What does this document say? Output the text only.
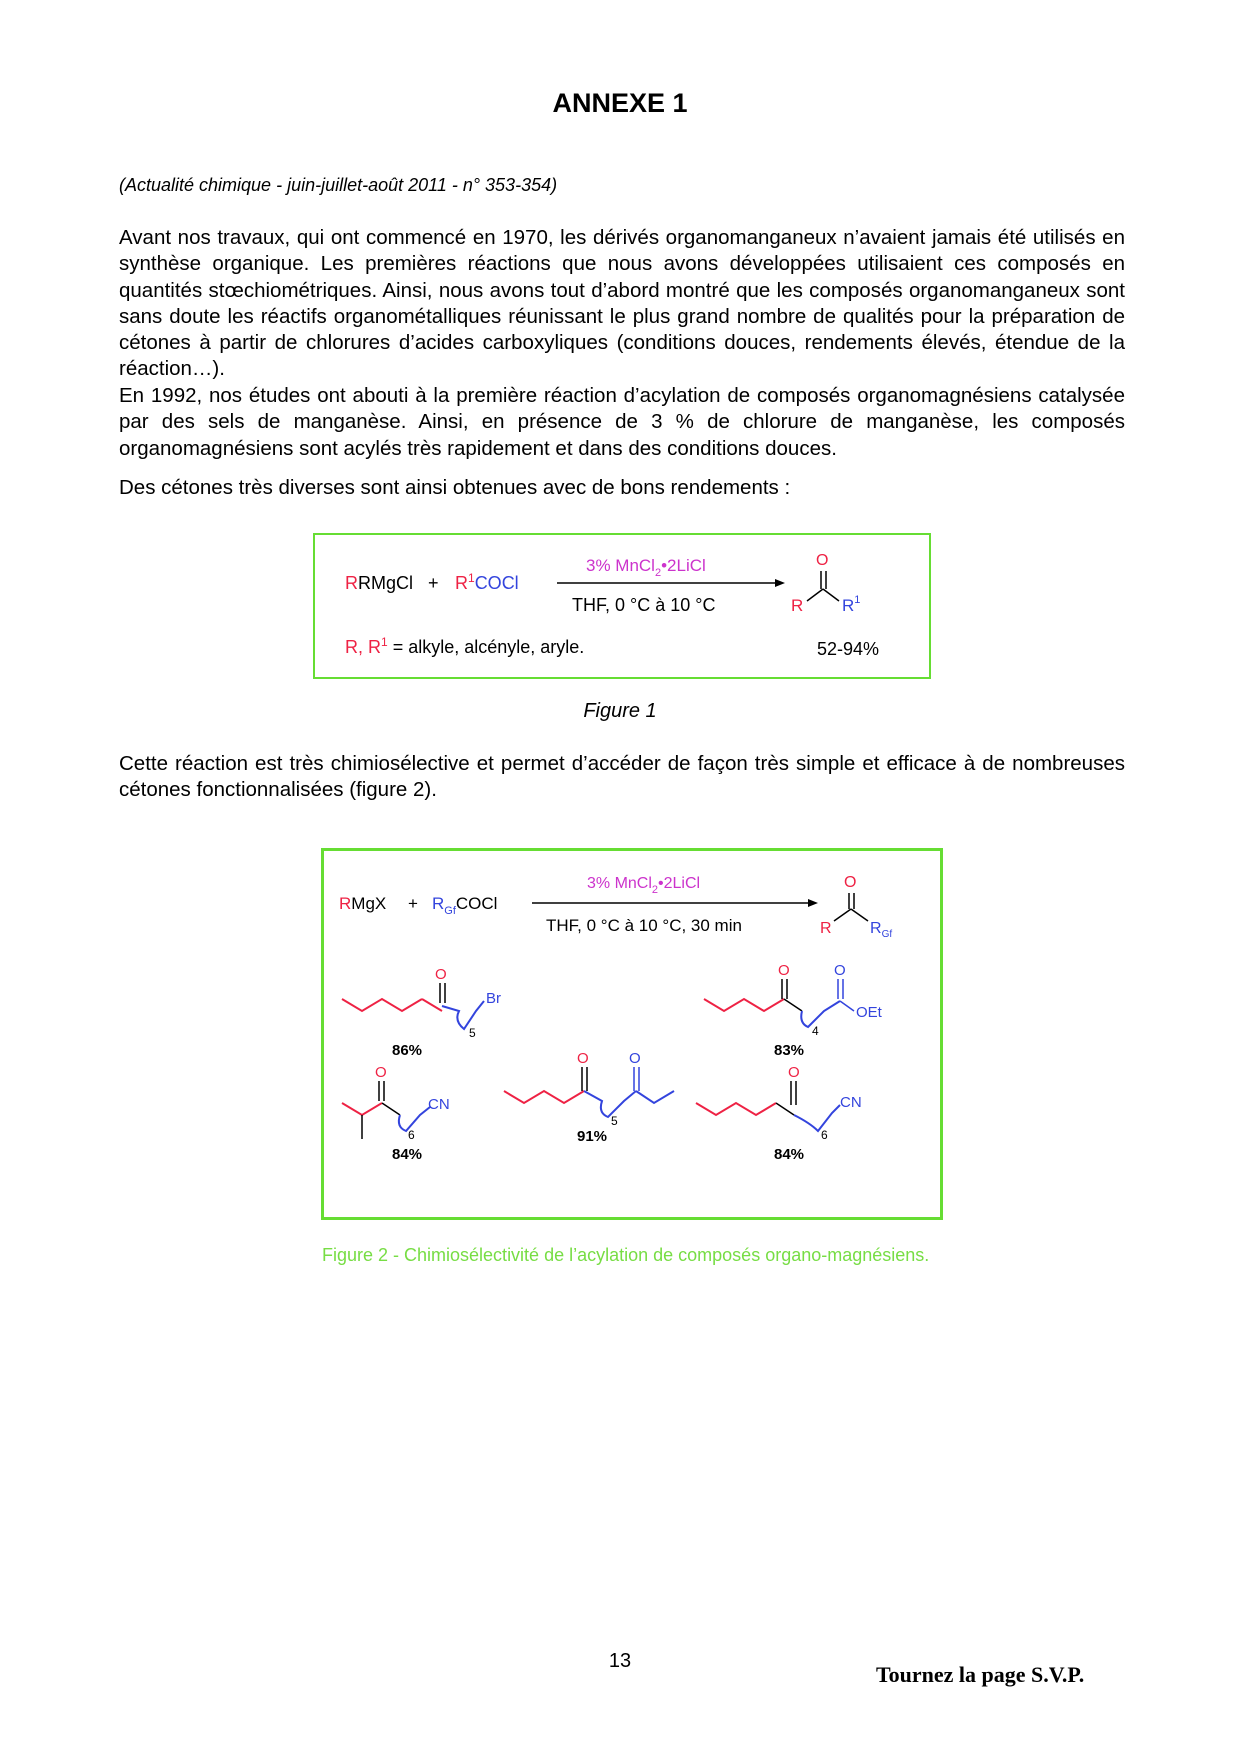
ANNEXE 1
(Actualité chimique - juin-juillet-août 2011 - n° 353-354)

Avant nos travaux, qui ont commencé en 1970, les dérivés organomanganeux n’avaient jamais été utilisés en synthèse organique. Les premières réactions que nous avons développées utilisaient ces composés en quantités stœchiométriques. Ainsi, nous avons tout d’abord montré que les composés organomanganeux sont sans doute les réactifs organométalliques réunissant le plus grand nombre de qualités pour la préparation de cétones à partir de chlorures d’acides carboxyliques (conditions douces, rendements élevés, étendue de la réaction…).

En 1992, nos études ont abouti à la première réaction d’acylation de composés organomagnésiens catalysée par des sels de manganèse. Ainsi, en présence de 3 % de chlorure de manganèse, les composés organomagnésiens sont acylés très rapidement et dans des conditions douces.

Des cétones très diverses sont ainsi obtenues avec de bons rendements :

RRMgCl + $R^1COCl$
3% MnCl$_2$•2LiCl
THF, 0 °C à 10 °C
O
R $R^1$
R, $R^1$ = alkyle, alcényle, aryle.	52-94%
Figure 1

Cette réaction est très chimiosélective et permet d’accéder de façon très simple et efficace à de nombreuses cétones fonctionnalisées (figure 2).

RMgX + $R_{Gf}COCl$
3% MnCl$_2$•2LiCl
THF, 0 °C à 10 °C, 30 min
O
R $R_{Gf}$
O
5
Br
86%
O
4
O
OEt
83%
O
5
O
91%
O
6
CN
84%
O
6
CN
84%
Figure 2 - Chimiosélectivité de l’acylation de composés organo-magnésiens.
13
Tournez la page S.V.P.
